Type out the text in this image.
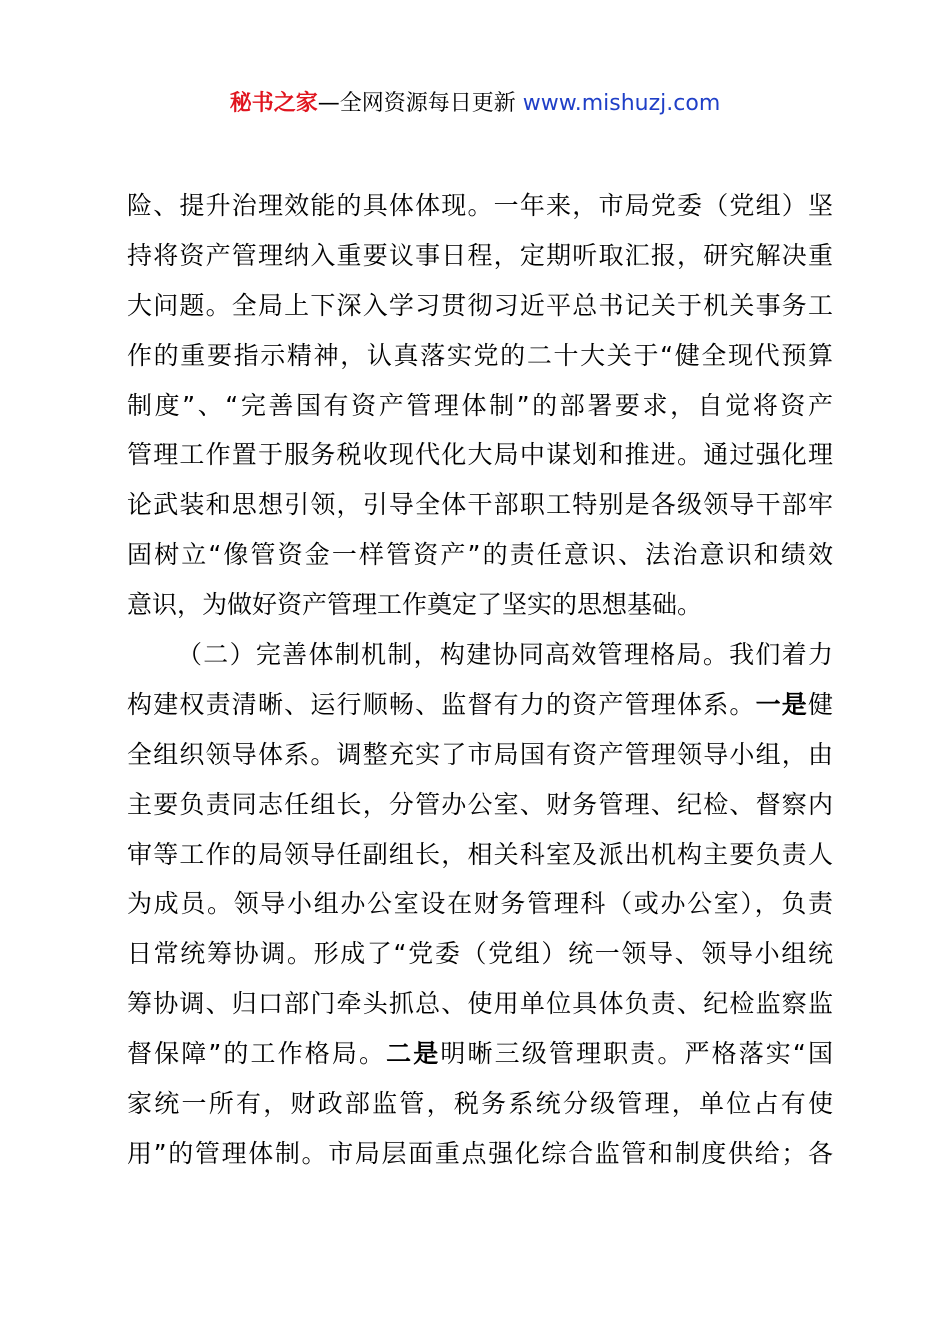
秘书之家—全网资源每日更新 www.mishuzj.com
险、提升治理效能的具体体现。一年来，市局党委（党组）坚
持将资产管理纳入重要议事日程，定期听取汇报，研究解决重
大问题。全局上下深入学习贯彻习近平总书记关于机关事务工
作的重要指示精神，认真落实党的二十大关于“健全现代预算
制度”、“完善国有资产管理体制”的部署要求，自觉将资产
管理工作置于服务税收现代化大局中谋划和推进。通过强化理
论武装和思想引领，引导全体干部职工特别是各级领导干部牢
固树立“像管资金一样管资产”的责任意识、法治意识和绩效
意识，为做好资产管理工作奠定了坚实的思想基础。
（二）完善体制机制，构建协同高效管理格局。我们着力
构建权责清晰、运行顺畅、监督有力的资产管理体系。一是健
全组织领导体系。调整充实了市局国有资产管理领导小组，由
主要负责同志任组长，分管办公室、财务管理、纪检、督察内
审等工作的局领导任副组长，相关科室及派出机构主要负责人
为成员。领导小组办公室设在财务管理科（或办公室），负责
日常统筹协调。形成了“党委（党组）统一领导、领导小组统
筹协调、归口部门牵头抓总、使用单位具体负责、纪检监察监
督保障”的工作格局。二是明晰三级管理职责。严格落实“国
家统一所有，财政部监管，税务系统分级管理，单位占有使
用”的管理体制。市局层面重点强化综合监管和制度供给；各
